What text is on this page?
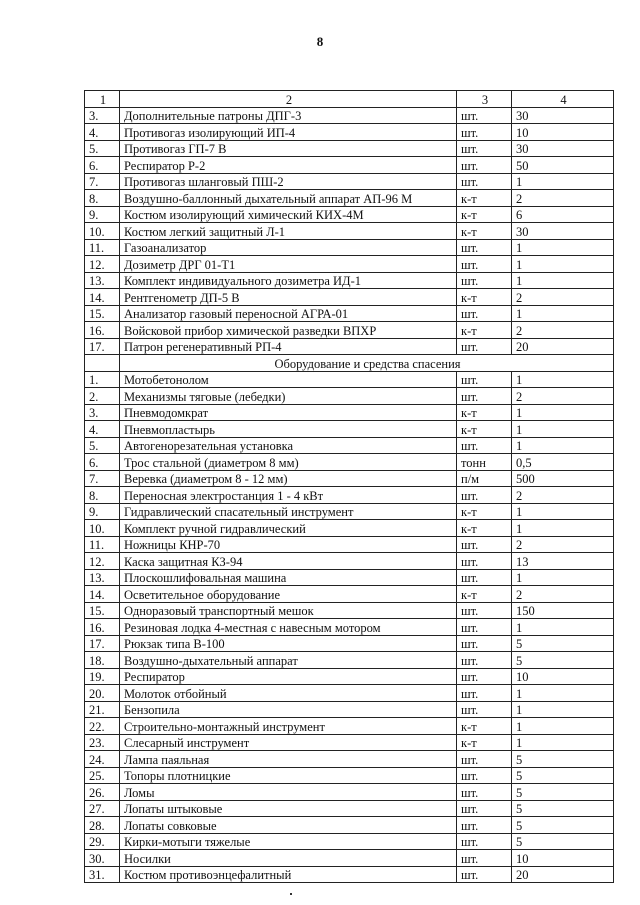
8
1	2	3	4
3.	Дополнительные патроны ДПГ-3	шт.	30
4.	Противогаз изолирующий ИП-4	шт.	10
5.	Противогаз ГП-7 В	шт.	30
6.	Респиратор Р-2	шт.	50
7.	Противогаз шланговый ПШ-2	шт.	1
8.	Воздушно-баллонный дыхательный аппарат АП-96 М	к-т	2
9.	Костюм изолирующий химический КИХ-4М	к-т	6
10.	Костюм легкий защитный Л-1	к-т	30
11.	Газоанализатор	шт.	1
12.	Дозиметр ДРГ 01-Т1	шт.	1
13.	Комплект индивидуального дозиметра ИД-1	шт.	1
14.	Рентгенометр ДП-5 В	к-т	2
15.	Анализатор газовый переносной АГРА-01	шт.	1
16.	Войсковой прибор химической разведки ВПХР	к-т	2
17.	Патрон регенеративный РП-4	шт.	20
	Оборудование и средства спасения		
1.	Мотобетонолом	шт.	1
2.	Механизмы тяговые (лебедки)	шт.	2
3.	Пневмодомкрат	к-т	1
4.	Пневмопластырь	к-т	1
5.	Автогенорезательная установка	шт.	1
6.	Трос стальной (диаметром 8 мм)	тонн	0,5
7.	Веревка (диаметром 8 - 12 мм)	п/м	500
8.	Переносная электростанция 1 - 4 кВт	шт.	2
9.	Гидравлический спасательный инструмент	к-т	1
10.	Комплект ручной гидравлический	к-т	1
11.	Ножницы КНР-70	шт.	2
12.	Каска защитная КЗ-94	шт.	13
13.	Плоскошлифовальная машина	шт.	1
14.	Осветительное оборудование	к-т	2
15.	Одноразовый транспортный мешок	шт.	150
16.	Резиновая лодка 4-местная с навесным мотором	шт.	1
17.	Рюкзак типа В-100	шт.	5
18.	Воздушно-дыхательный аппарат	шт.	5
19.	Респиратор	шт.	10
20.	Молоток отбойный	шт.	1
21.	Бензопила	шт.	1
22.	Строительно-монтажный инструмент	к-т	1
23.	Слесарный инструмент	к-т	1
24.	Лампа паяльная	шт.	5
25.	Топоры плотницкие	шт.	5
26.	Ломы	шт.	5
27.	Лопаты штыковые	шт.	5
28.	Лопаты совковые	шт.	5
29.	Кирки-мотыги тяжелые	шт.	5
30.	Носилки	шт.	10
31.	Костюм противоэнцефалитный	шт.	20
